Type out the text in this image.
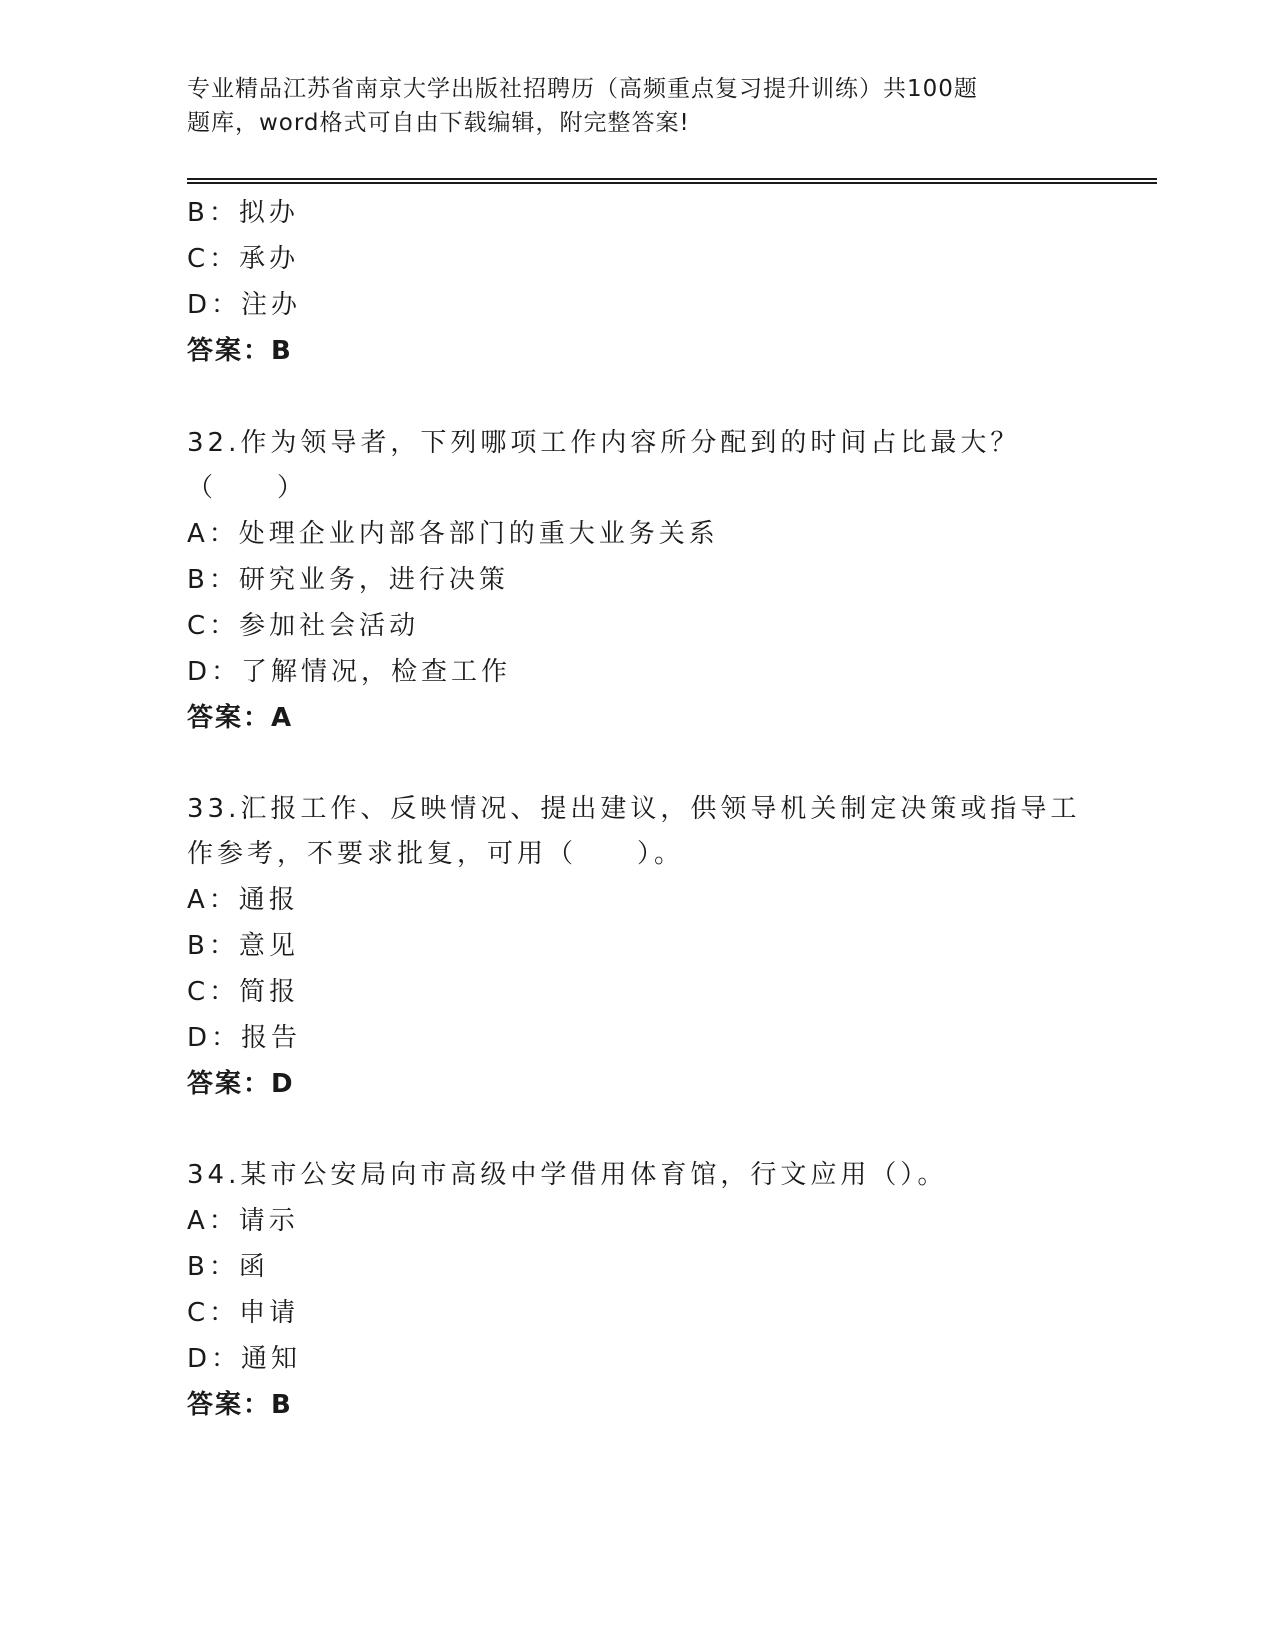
专业精品江苏省南京大学出版社招聘历（高频重点复习提升训练）共100题
题库，word格式可自由下载编辑，附完整答案!
B：拟办
C：承办
D：注办
答案：B
32.作为领导者，下列哪项工作内容所分配到的时间占比最大？（　　）
A：处理企业内部各部门的重大业务关系
B：研究业务，进行决策
C：参加社会活动
D：了解情况，检查工作
答案：A
33.汇报工作、反映情况、提出建议，供领导机关制定决策或指导工作参考，不要求批复，可用（　　）。
A：通报
B：意见
C：简报
D：报告
答案：D
34.某市公安局向市高级中学借用体育馆，行文应用（）。
A：请示
B：函
C：申请
D：通知
答案：B
